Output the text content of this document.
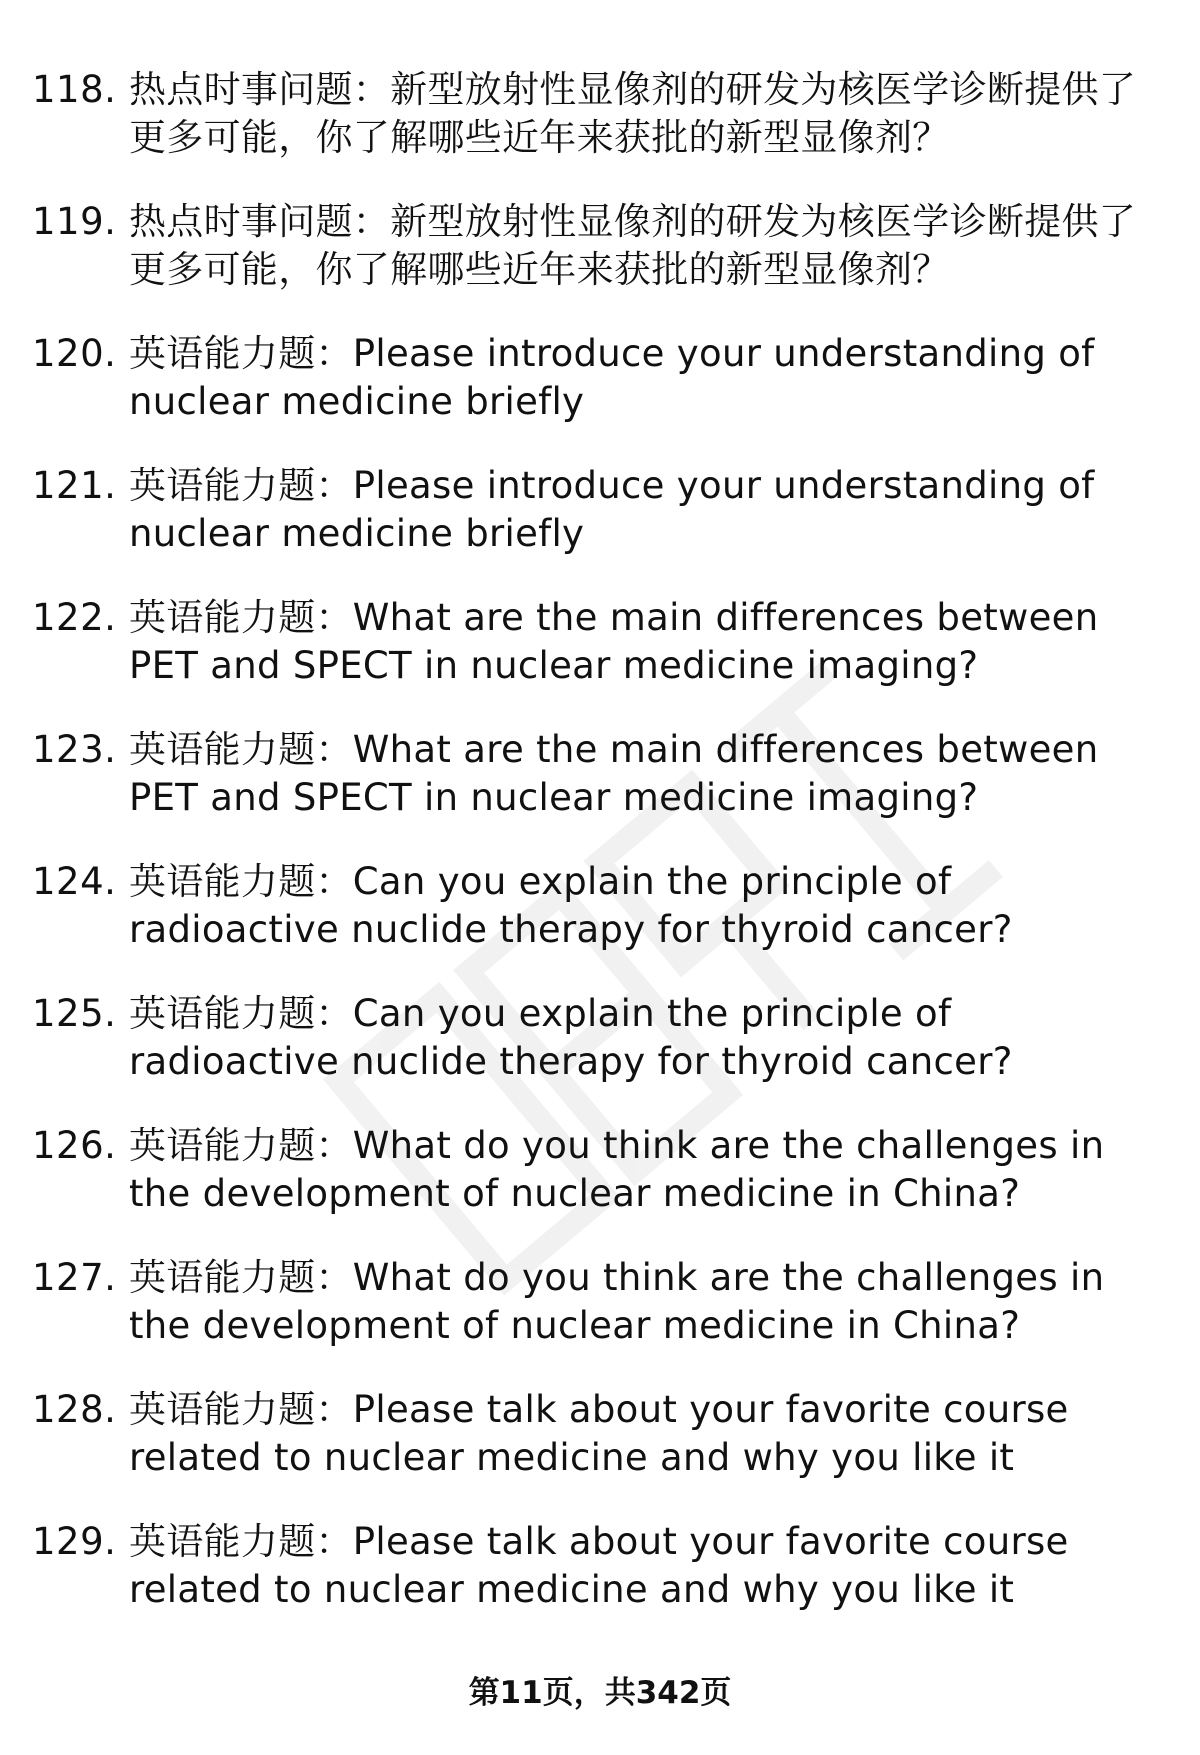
118. 热点时事问题：新型放射性显像剂的研发为核医学诊断提供了更多可能，你了解哪些近年来获批的新型显像剂？
119. 热点时事问题：新型放射性显像剂的研发为核医学诊断提供了更多可能，你了解哪些近年来获批的新型显像剂？
120. 英语能力题：Please introduce your understanding of nuclear medicine briefly
121. 英语能力题：Please introduce your understanding of nuclear medicine briefly
122. 英语能力题：What are the main differences between PET and SPECT in nuclear medicine imaging?
123. 英语能力题：What are the main differences between PET and SPECT in nuclear medicine imaging?
124. 英语能力题：Can you explain the principle of radioactive nuclide therapy for thyroid cancer?
125. 英语能力题：Can you explain the principle of radioactive nuclide therapy for thyroid cancer?
126. 英语能力题：What do you think are the challenges in the development of nuclear medicine in China?
127. 英语能力题：What do you think are the challenges in the development of nuclear medicine in China?
128. 英语能力题：Please talk about your favorite course related to nuclear medicine and why you like it
129. 英语能力题：Please talk about your favorite course related to nuclear medicine and why you like it
第11页，共342页
